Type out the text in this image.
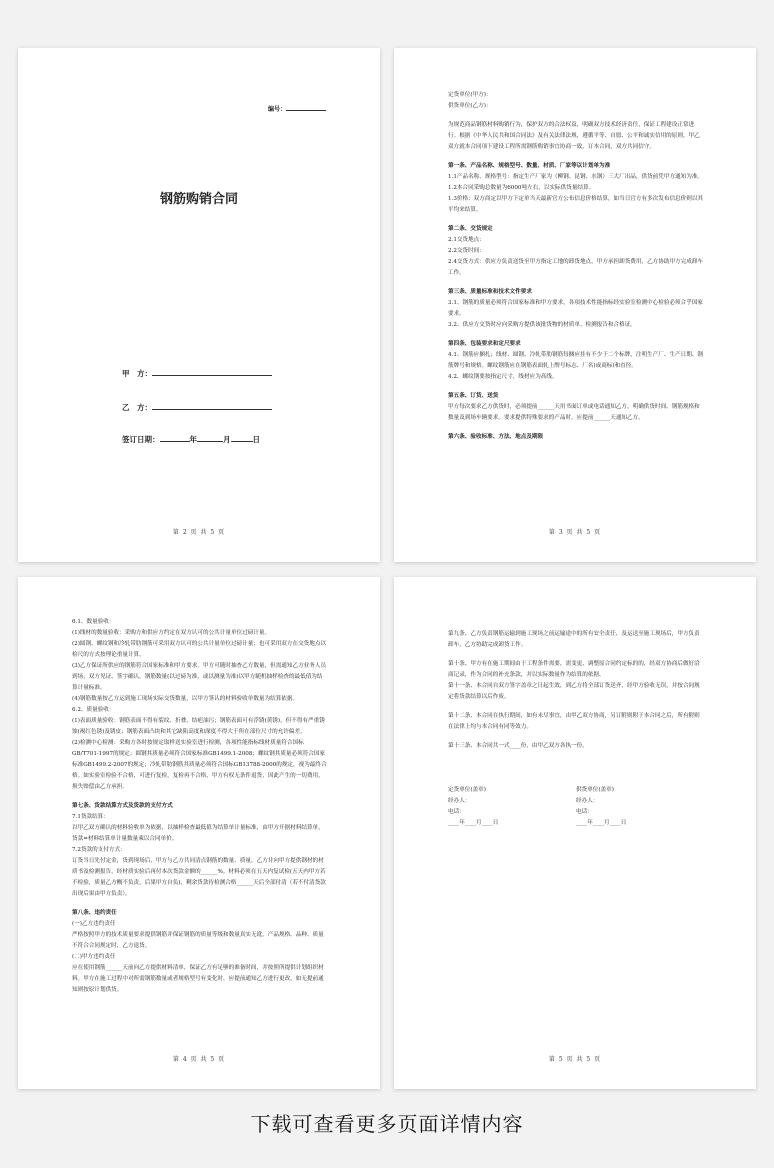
编号：
钢筋购销合同
甲　方：
乙　方：
签订日期：	年	月	日
第 2 页 共 5 页

定货单位(甲方)：

供货单位(乙方)：

为规范商品钢筋材料购销行为，保护双方的合法权益，明确双方技术经济责任，保证工程建设正常进行。根据《中华人民共和国合同法》及有关法律法规，遵循平等、自愿、公平和诚实信用的原则，甲乙双方就本合同项下建设工程所需钢筋购销事宜协商一致，订本合同，双方共同信守。

第一条、产品名称、规格型号、数量、材质、厂家等以计划单为准

1.1产品名称、规格型号：指定生产厂家为（柳钢、昆钢、水钢）三大厂出品，供货前凭甲方通知为准。

1.2本合同采购总数量为6000吨左右，以实际供货量结算。

1.3价格：双方商定以甲方下定单当天最新官方公布信息价格结算，如当日官方有多次发布信息价则以其平均来结算。

第二条、交货规定

2.1交货地点：

2.2交货时间：

2.4交货方式：供应方负责送货至甲方指定工地的卸货地点，甲方承担卸货费用，乙方协助甲方完成卸车工作。

第三条、质量标准和技术文件要求

3.1、钢筋的质量必须符合国家标准和甲方要求，各项技术性能指标经实验室检测中心检验必须合乎国家要求。

3.2、供应方交货时应向采购方提供该批货物的材质单、检测报告和合格证。

第四条、包装要求和定尺要求

4.1、钢筋应捆扎；线材、圆钢、冷轧带肋钢筋每捆应挂有不少于二个标牌，注明生产厂、生产日期、钢筋牌号和规格。螺纹钢筋应在钢筋表面轧上牌号标志、厂名(或商标)和直径。

4.2、螺纹钢要按指定尺寸，线材应为高线。

第五条、订货、送货

甲方每次要求乙方供货时，必须提前______天用书面订单或电话通知乙方，明确供货时间、钢筋规格和数量及到场车辆要求。要求提供特殊要求的产品时，应提前______天通知乙方。

第六条、验收标准、方法、地点及期限

第 3 页 共 5 页

6.1、数量验收：

(1)线材的数量验收：采购方和供应方约定在双方认可的公共计量单位过磅计量。

(2)圆钢、螺纹钢和冷轧带肋钢筋可采用双方认可的公共计量单位过磅计量；也可采用双方在交货地点以检尺的方式按理论重量计算。

(3)乙方保证所供应的钢筋符合国家标准和甲方要求。甲方可随时抽查乙方数量，但需通知乙方业务人员到场，双方见证、签字确认。钢筋数量(以过磅为准，或以测量为准)以甲方随机抽样检查的最低值为结算计量标准。

(4)钢筋数量按乙方运到施工现场实际交货数量，以甲方签认的材料验收单数量为结算依据。

6.2、质量验收：

(1)表面质量验收：钢筋表面不得有裂纹、折叠、结疤油污；钢筋表面可有浮锈(黄锈)，但不得有严重锈蚀(褐红色锈)及锈皮；钢筋表面凸块和其它缺陷高度和深度不得大于所在部位尺寸的允许偏差。

(2)检测中心检测：采购方各时按规定取样送实验室进行检测，各项性能指标线材质量符合国标GB/T701-1997的规定；圆钢其质量必须符合国家标准GB1499.1-2008；螺纹钢其质量必须符合国家标准GB1499.2-2007的规定；冷轧带肋钢筋其质量必须符合国标GB13788-2000的规定，视为最终合格。如实验室检验不合格，可进行复检，复检再不合格，甲方有权无条件退货，因此产生的一切费用，损失赔偿由乙方承担。

第七条、货款结算方式及货款的支付方式

7.1货款结算：

以甲乙双方确认的材料验收单为依据，以抽样检查最低值为结算单计量标准，由甲方开据材料结算单，货款=材料结算单计量数量乘以合同单价。

7.2货款的支付方式：

订货当日先付定金，货到现场后，甲方与乙方共同清点钢筋的数量、质量。乙方并向甲方提供钢材的材质书及检测报告，经材质实验后再付本次货款金额的______%。材料必须在五天内复试检(五天内甲方若不检验，质量乙方概不负责，后果甲方自负)，剩余货款待检测合格______天后全部付清（若不付清货款出现后果由甲方负责）。

第八条、违约责任

(一)乙方违约责任

严格按照甲方的技术质量要求提供钢筋并保证钢筋的质量等级和数量真实无讹，产品规格、品种、质量不符合合同规定时，乙方退货。

(二)甲方违约责任

应在使用钢筋______天前向乙方提供材料清单，保证乙方有足够的准备时间，并按照所提供计划组织材料。甲方在施工过程中对所需钢筋数量或者规格型号有变化时，应提前通知乙方进行更改，如无提前通知则按原计划供货。

第 4 页 共 5 页

第九条、乙方负责钢筋运输到施工现场之前运输途中的所有安全责任，及运送至施工现场后，甲方负责卸车，乙方协助完成卸货工作。

第十条、甲方有在施工期间由于工程条件需要，需变更、调整原合同约定标的的，经双方协商后做好洽商记录，作为合同的补充条款，并以实际数量作为结算的依据。

第十一条、本合同自双方签字盖章之日起生效，到乙方将全部订货送齐，经甲方验收无误，并按合同规定将货款结算以后作废。

第十二条、本合同在执行期间，如有未尽事宜，由甲乙双方协商，另订附则附于本合同之后，所有附则在法律上均与本合同有同等效力。

第十三条、本合同共一式____份，由甲乙双方各执一份。

定货单位(盖章)

经办人：

电话：

____年____月____日

供货单位(盖章)

经办人：

电话：

____年____月____日

第 5 页 共 5 页
下载可查看更多页面详情内容
